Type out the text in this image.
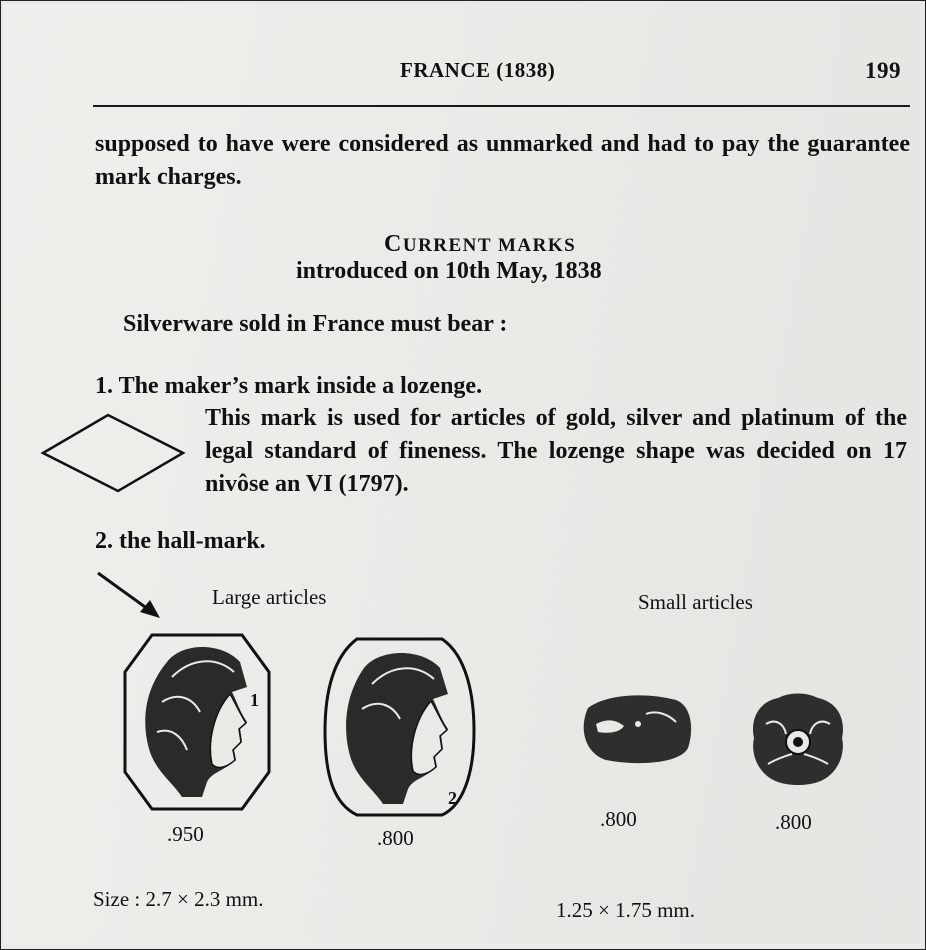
FRANCE (1838)	199
supposed to have were considered as unmarked and had to pay the guarantee mark charges.
CURRENT MARKS
introduced on 10th May, 1838
Silverware sold in France must bear :
1. The maker’s mark inside a lozenge.
This mark is used for articles of gold, silver and platinum of the legal standard of fineness. The lozenge shape was decided on 17 nivôse an VI (1797).
2. the hall-mark.
Large articles	Small articles
1
2
.950	.800
.800	.800
Size : 2.7 × 2.3 mm.	1.25 × 1.75 mm.
